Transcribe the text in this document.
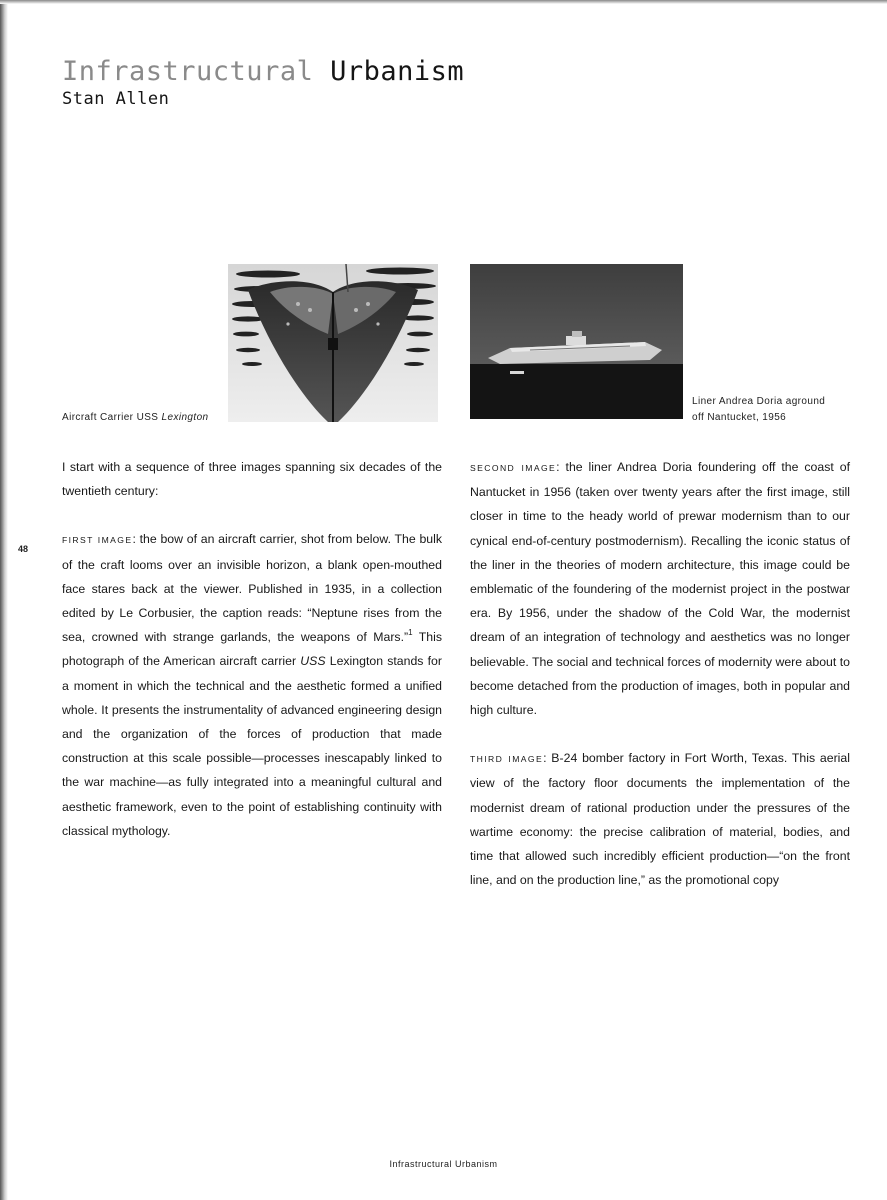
Infrastructural Urbanism
Stan Allen
Aircraft Carrier USS Lexington
Liner Andrea Doria aground
off Nantucket, 1956
48

I start with a sequence of three images spanning six decades of the twentieth century:

FIRST IMAGE: the bow of an aircraft carrier, shot from below. The bulk of the craft looms over an invisible horizon, a blank open-mouthed face stares back at the viewer. Published in 1935, in a collection edited by Le Corbusier, the caption reads: “Neptune rises from the sea, crowned with strange garlands, the weapons of Mars.”$^1$ This photograph of the American aircraft carrier USS Lexington stands for a moment in which the technical and the aesthetic formed a unified whole. It presents the instrumentality of advanced engineering design and the organization of the forces of production that made construction at this scale possible—processes inescapably linked to the war machine—as fully integrated into a meaningful cultural and aesthetic framework, even to the point of establishing continuity with classical mythology.

SECOND IMAGE: the liner Andrea Doria foundering off the coast of Nantucket in 1956 (taken over twenty years after the first image, still closer in time to the heady world of prewar modernism than to our cynical end-of-century postmodernism). Recalling the iconic status of the liner in the theories of modern architecture, this image could be emblematic of the foundering of the modernist project in the postwar era. By 1956, under the shadow of the Cold War, the modernist dream of an integration of technology and aesthetics was no longer believable. The social and technical forces of modernity were about to become detached from the production of images, both in popular and high culture.

THIRD IMAGE: B-24 bomber factory in Fort Worth, Texas. This aerial view of the factory floor documents the implementation of the modernist dream of rational production under the pressures of the wartime economy: the precise calibration of material, bodies, and time that allowed such incredibly efficient production—“on the front line, and on the production line,” as the promotional copy

Infrastructural Urbanism
